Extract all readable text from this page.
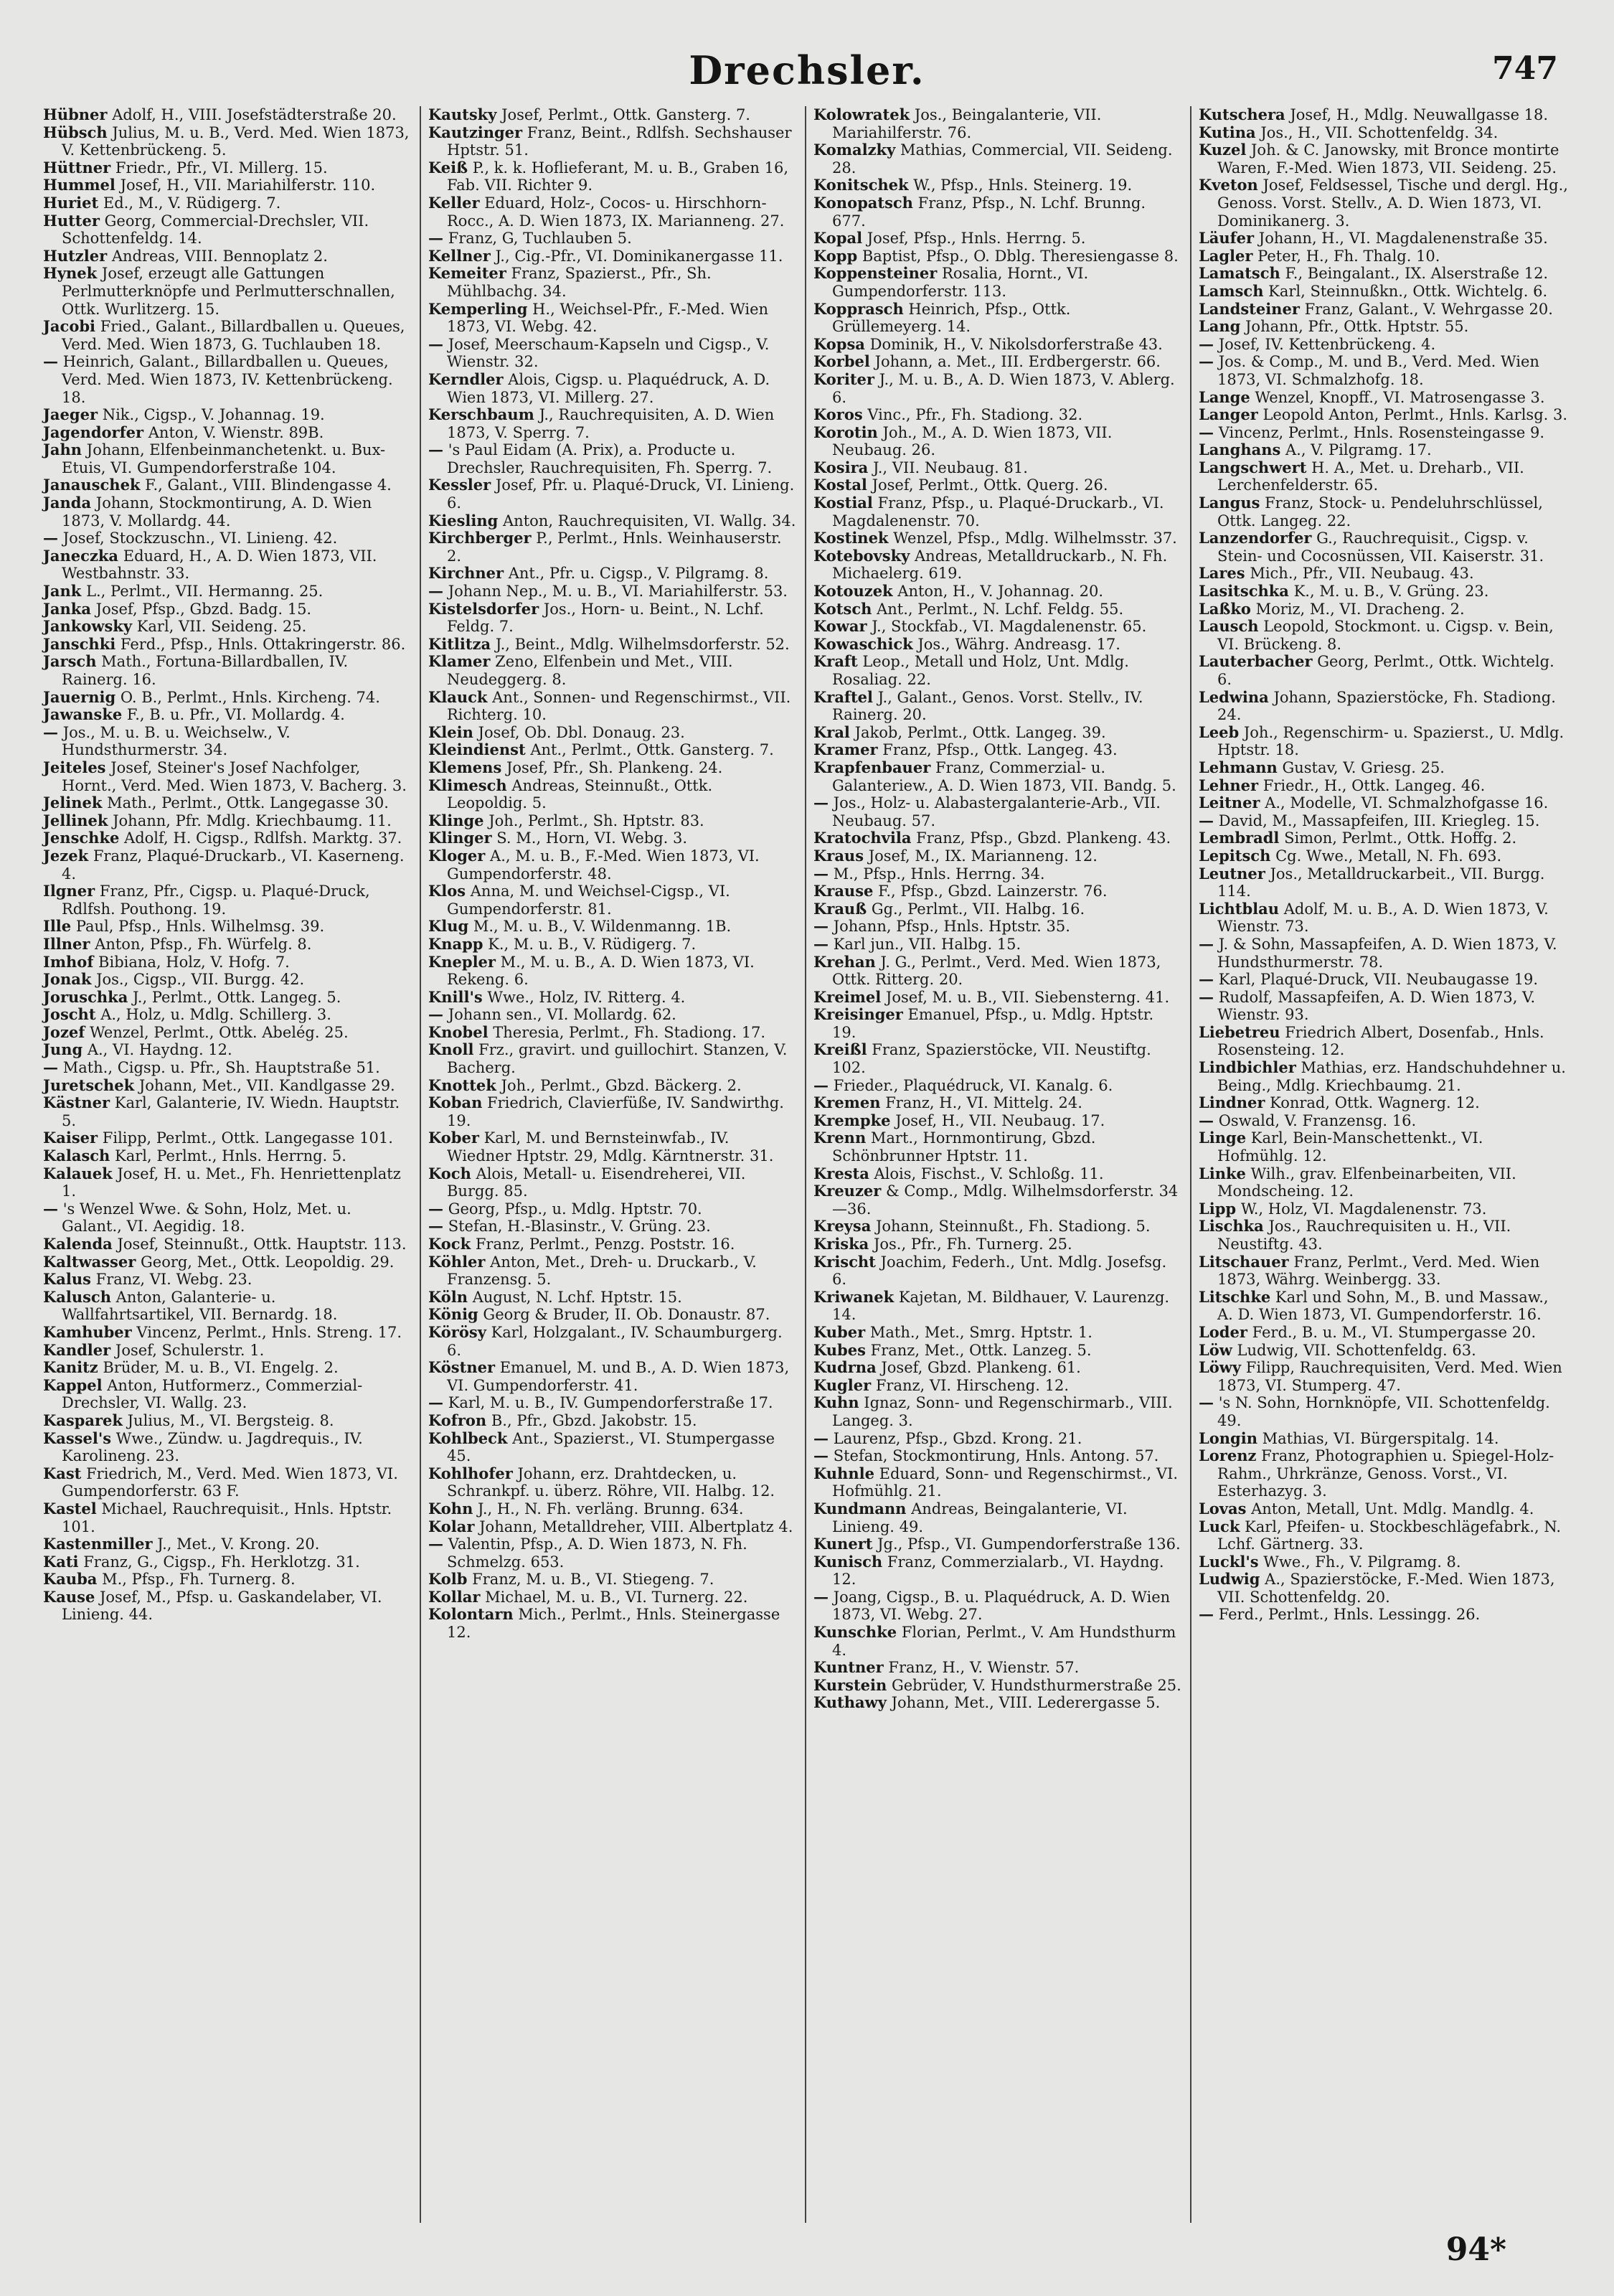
Drechsler.	747

Hübner Adolf, H., VIII. Josefstädterstraße 20.

Hübsch Julius, M. u. B., Verd. Med. Wien 1873, V. Kettenbrückeng. 5.

Hüttner Friedr., Pfr., VI. Millerg. 15.

Hummel Josef, H., VII. Mariahilferstr. 110.

Huriet Ed., M., V. Rüdigerg. 7.

Hutter Georg, Commercial-Drechsler, VII. Schottenfeldg. 14.

Hutzler Andreas, VIII. Bennoplatz 2.

Hynek Josef, erzeugt alle Gattungen Perlmutterknöpfe und Perlmutterschnallen, Ottk. Wurlitzerg. 15.

Jacobi Fried., Galant., Billardballen u. Queues, Verd. Med. Wien 1873, G. Tuchlauben 18.

— Heinrich, Galant., Billardballen u. Queues, Verd. Med. Wien 1873, IV. Kettenbrückeng. 18.

Jaeger Nik., Cigsp., V. Johannag. 19.

Jagendorfer Anton, V. Wienstr. 89B.

Jahn Johann, Elfenbeinmanchetenkt. u. Bux-Etuis, VI. Gumpendorferstraße 104.

Janauschek F., Galant., VIII. Blindengasse 4.

Janda Johann, Stockmontirung, A. D. Wien 1873, V. Mollardg. 44.

— Josef, Stockzuschn., VI. Linieng. 42.

Janeczka Eduard, H., A. D. Wien 1873, VII. Westbahnstr. 33.

Jank L., Perlmt., VII. Hermanng. 25.

Janka Josef, Pfsp., Gbzd. Badg. 15.

Jankowsky Karl, VII. Seideng. 25.

Janschki Ferd., Pfsp., Hnls. Ottakringerstr. 86.

Jarsch Math., Fortuna-Billardballen, IV. Rainerg. 16.

Jauernig O. B., Perlmt., Hnls. Kircheng. 74.

Jawanske F., B. u. Pfr., VI. Mollardg. 4.

— Jos., M. u. B. u. Weichselw., V. Hundsthurmerstr. 34.

Jeiteles Josef, Steiner's Josef Nachfolger, Hornt., Verd. Med. Wien 1873, V. Bacherg. 3.

Jelinek Math., Perlmt., Ottk. Langegasse 30.

Jellinek Johann, Pfr. Mdlg. Kriechbaumg. 11.

Jenschke Adolf, H. Cigsp., Rdlfsh. Marktg. 37.

Jezek Franz, Plaqué-Druckarb., VI. Kaserneng. 4.

Ilgner Franz, Pfr., Cigsp. u. Plaqué-Druck, Rdlfsh. Pouthong. 19.

Ille Paul, Pfsp., Hnls. Wilhelmsg. 39.

Illner Anton, Pfsp., Fh. Würfelg. 8.

Imhof Bibiana, Holz, V. Hofg. 7.

Jonak Jos., Cigsp., VII. Burgg. 42.

Joruschka J., Perlmt., Ottk. Langeg. 5.

Joscht A., Holz, u. Mdlg. Schillerg. 3.

Jozef Wenzel, Perlmt., Ottk. Abelég. 25.

Jung A., VI. Haydng. 12.

— Math., Cigsp. u. Pfr., Sh. Hauptstraße 51.

Juretschek Johann, Met., VII. Kandlgasse 29.

Kästner Karl, Galanterie, IV. Wiedn. Hauptstr. 5.

Kaiser Filipp, Perlmt., Ottk. Langegasse 101.

Kalasch Karl, Perlmt., Hnls. Herrng. 5.

Kalauek Josef, H. u. Met., Fh. Henriettenplatz 1.

— 's Wenzel Wwe. & Sohn, Holz, Met. u. Galant., VI. Aegidig. 18.

Kalenda Josef, Steinnußt., Ottk. Hauptstr. 113.

Kaltwasser Georg, Met., Ottk. Leopoldig. 29.

Kalus Franz, VI. Webg. 23.

Kalusch Anton, Galanterie- u. Wallfahrtsartikel, VII. Bernardg. 18.

Kamhuber Vincenz, Perlmt., Hnls. Streng. 17.

Kandler Josef, Schulerstr. 1.

Kanitz Brüder, M. u. B., VI. Engelg. 2.

Kappel Anton, Hutformerz., Commerzial-Drechsler, VI. Wallg. 23.

Kasparek Julius, M., VI. Bergsteig. 8.

Kassel's Wwe., Zündw. u. Jagdrequis., IV. Karolineng. 23.

Kast Friedrich, M., Verd. Med. Wien 1873, VI. Gumpendorferstr. 63 F.

Kastel Michael, Rauchrequisit., Hnls. Hptstr. 101.

Kastenmiller J., Met., V. Krong. 20.

Kati Franz, G., Cigsp., Fh. Herklotzg. 31.

Kauba M., Pfsp., Fh. Turnerg. 8.

Kause Josef, M., Pfsp. u. Gaskandelaber, VI. Linieng. 44.

Kautsky Josef, Perlmt., Ottk. Gansterg. 7.

Kautzinger Franz, Beint., Rdlfsh. Sechshauser Hptstr. 51.

Keiß P., k. k. Hoflieferant, M. u. B., Graben 16, Fab. VII. Richter 9.

Keller Eduard, Holz-, Cocos- u. Hirschhorn-Rocc., A. D. Wien 1873, IX. Marianneng. 27.

— Franz, G, Tuchlauben 5.

Kellner J., Cig.-Pfr., VI. Dominikanergasse 11.

Kemeiter Franz, Spazierst., Pfr., Sh. Mühlbachg. 34.

Kemperling H., Weichsel-Pfr., F.-Med. Wien 1873, VI. Webg. 42.

— Josef, Meerschaum-Kapseln und Cigsp., V. Wienstr. 32.

Kerndler Alois, Cigsp. u. Plaquédruck, A. D. Wien 1873, VI. Millerg. 27.

Kerschbaum J., Rauchrequisiten, A. D. Wien 1873, V. Sperrg. 7.

— 's Paul Eidam (A. Prix), a. Producte u. Drechsler, Rauchrequisiten, Fh. Sperrg. 7.

Kessler Josef, Pfr. u. Plaqué-Druck, VI. Linieng. 6.

Kiesling Anton, Rauchrequisiten, VI. Wallg. 34.

Kirchberger P., Perlmt., Hnls. Weinhauserstr. 2.

Kirchner Ant., Pfr. u. Cigsp., V. Pilgramg. 8.

— Johann Nep., M. u. B., VI. Mariahilferstr. 53.

Kistelsdorfer Jos., Horn- u. Beint., N. Lchf. Feldg. 7.

Kitlitza J., Beint., Mdlg. Wilhelmsdorferstr. 52.

Klamer Zeno, Elfenbein und Met., VIII. Neudeggerg. 8.

Klauck Ant., Sonnen- und Regenschirmst., VII. Richterg. 10.

Klein Josef, Ob. Dbl. Donaug. 23.

Kleindienst Ant., Perlmt., Ottk. Gansterg. 7.

Klemens Josef, Pfr., Sh. Plankeng. 24.

Klimesch Andreas, Steinnußt., Ottk. Leopoldig. 5.

Klinge Joh., Perlmt., Sh. Hptstr. 83.

Klinger S. M., Horn, VI. Webg. 3.

Kloger A., M. u. B., F.-Med. Wien 1873, VI. Gumpendorferstr. 48.

Klos Anna, M. und Weichsel-Cigsp., VI. Gumpendorferstr. 81.

Klug M., M. u. B., V. Wildenmanng. 1B.

Knapp K., M. u. B., V. Rüdigerg. 7.

Knepler M., M. u. B., A. D. Wien 1873, VI. Rekeng. 6.

Knill's Wwe., Holz, IV. Ritterg. 4.

— Johann sen., VI. Mollardg. 62.

Knobel Theresia, Perlmt., Fh. Stadiong. 17.

Knoll Frz., gravirt. und guillochirt. Stanzen, V. Bacherg.

Knottek Joh., Perlmt., Gbzd. Bäckerg. 2.

Koban Friedrich, Clavierfüße, IV. Sandwirthg. 19.

Kober Karl, M. und Bernsteinwfab., IV. Wiedner Hptstr. 29, Mdlg. Kärntnerstr. 31.

Koch Alois, Metall- u. Eisendreherei, VII. Burgg. 85.

— Georg, Pfsp., u. Mdlg. Hptstr. 70.

— Stefan, H.-Blasinstr., V. Grüng. 23.

Kock Franz, Perlmt., Penzg. Poststr. 16.

Köhler Anton, Met., Dreh- u. Druckarb., V. Franzensg. 5.

Köln August, N. Lchf. Hptstr. 15.

König Georg & Bruder, II. Ob. Donaustr. 87.

Körösy Karl, Holzgalant., IV. Schaumburgerg. 6.

Köstner Emanuel, M. und B., A. D. Wien 1873, VI. Gumpendorferstr. 41.

— Karl, M. u. B., IV. Gumpendorferstraße 17.

Kofron B., Pfr., Gbzd. Jakobstr. 15.

Kohlbeck Ant., Spazierst., VI. Stumpergasse 45.

Kohlhofer Johann, erz. Drahtdecken, u. Schrankpf. u. überz. Röhre, VII. Halbg. 12.

Kohn J., H., N. Fh. verläng. Brunng. 634.

Kolar Johann, Metalldreher, VIII. Albertplatz 4.

— Valentin, Pfsp., A. D. Wien 1873, N. Fh. Schmelzg. 653.

Kolb Franz, M. u. B., VI. Stiegeng. 7.

Kollar Michael, M. u. B., VI. Turnerg. 22.

Kolontarn Mich., Perlmt., Hnls. Steinergasse 12.

Kolowratek Jos., Beingalanterie, VII. Mariahilferstr. 76.

Komalzky Mathias, Commercial, VII. Seideng. 28.

Konitschek W., Pfsp., Hnls. Steinerg. 19.

Konopatsch Franz, Pfsp., N. Lchf. Brunng. 677.

Kopal Josef, Pfsp., Hnls. Herrng. 5.

Kopp Baptist, Pfsp., O. Dblg. Theresiengasse 8.

Koppensteiner Rosalia, Hornt., VI. Gumpendorferstr. 113.

Kopprasch Heinrich, Pfsp., Ottk. Grüllemeyerg. 14.

Kopsa Dominik, H., V. Nikolsdorferstraße 43.

Korbel Johann, a. Met., III. Erdbergerstr. 66.

Koriter J., M. u. B., A. D. Wien 1873, V. Ablerg. 6.

Koros Vinc., Pfr., Fh. Stadiong. 32.

Korotin Joh., M., A. D. Wien 1873, VII. Neubaug. 26.

Kosira J., VII. Neubaug. 81.

Kostal Josef, Perlmt., Ottk. Querg. 26.

Kostial Franz, Pfsp., u. Plaqué-Druckarb., VI. Magdalenenstr. 70.

Kostinek Wenzel, Pfsp., Mdlg. Wilhelmsstr. 37.

Kotebovsky Andreas, Metalldruckarb., N. Fh. Michaelerg. 619.

Kotouzek Anton, H., V. Johannag. 20.

Kotsch Ant., Perlmt., N. Lchf. Feldg. 55.

Kowar J., Stockfab., VI. Magdalenenstr. 65.

Kowaschick Jos., Währg. Andreasg. 17.

Kraft Leop., Metall und Holz, Unt. Mdlg. Rosaliag. 22.

Kraftel J., Galant., Genos. Vorst. Stellv., IV. Rainerg. 20.

Kral Jakob, Perlmt., Ottk. Langeg. 39.

Kramer Franz, Pfsp., Ottk. Langeg. 43.

Krapfenbauer Franz, Commerzial- u. Galanteriew., A. D. Wien 1873, VII. Bandg. 5.

— Jos., Holz- u. Alabastergalanterie-Arb., VII. Neubaug. 57.

Kratochvila Franz, Pfsp., Gbzd. Plankeng. 43.

Kraus Josef, M., IX. Marianneng. 12.

— M., Pfsp., Hnls. Herrng. 34.

Krause F., Pfsp., Gbzd. Lainzerstr. 76.

Krauß Gg., Perlmt., VII. Halbg. 16.

— Johann, Pfsp., Hnls. Hptstr. 35.

— Karl jun., VII. Halbg. 15.

Krehan J. G., Perlmt., Verd. Med. Wien 1873, Ottk. Ritterg. 20.

Kreimel Josef, M. u. B., VII. Siebensterng. 41.

Kreisinger Emanuel, Pfsp., u. Mdlg. Hptstr. 19.

Kreißl Franz, Spazierstöcke, VII. Neustiftg. 102.

— Frieder., Plaquédruck, VI. Kanalg. 6.

Kremen Franz, H., VI. Mittelg. 24.

Krempke Josef, H., VII. Neubaug. 17.

Krenn Mart., Hornmontirung, Gbzd. Schönbrunner Hptstr. 11.

Kresta Alois, Fischst., V. Schloßg. 11.

Kreuzer & Comp., Mdlg. Wilhelmsdorferstr. 34—36.

Kreysa Johann, Steinnußt., Fh. Stadiong. 5.

Kriska Jos., Pfr., Fh. Turnerg. 25.

Krischt Joachim, Federh., Unt. Mdlg. Josefsg. 6.

Kriwanek Kajetan, M. Bildhauer, V. Laurenzg. 14.

Kuber Math., Met., Smrg. Hptstr. 1.

Kubes Franz, Met., Ottk. Lanzeg. 5.

Kudrna Josef, Gbzd. Plankeng. 61.

Kugler Franz, VI. Hirscheng. 12.

Kuhn Ignaz, Sonn- und Regenschirmarb., VIII. Langeg. 3.

— Laurenz, Pfsp., Gbzd. Krong. 21.

— Stefan, Stockmontirung, Hnls. Antong. 57.

Kuhnle Eduard, Sonn- und Regenschirmst., VI. Hofmühlg. 21.

Kundmann Andreas, Beingalanterie, VI. Linieng. 49.

Kunert Jg., Pfsp., VI. Gumpendorferstraße 136.

Kunisch Franz, Commerzialarb., VI. Haydng. 12.

— Joang, Cigsp., B. u. Plaquédruck, A. D. Wien 1873, VI. Webg. 27.

Kunschke Florian, Perlmt., V. Am Hundsthurm 4.

Kuntner Franz, H., V. Wienstr. 57.

Kurstein Gebrüder, V. Hundsthurmerstraße 25.

Kuthawy Johann, Met., VIII. Lederergasse 5.

Kutschera Josef, H., Mdlg. Neuwallgasse 18.

Kutina Jos., H., VII. Schottenfeldg. 34.

Kuzel Joh. & C. Janowsky, mit Bronce montirte Waren, F.-Med. Wien 1873, VII. Seideng. 25.

Kveton Josef, Feldsessel, Tische und dergl. Hg., Genoss. Vorst. Stellv., A. D. Wien 1873, VI. Dominikanerg. 3.

Läufer Johann, H., VI. Magdalenenstraße 35.

Lagler Peter, H., Fh. Thalg. 10.

Lamatsch F., Beingalant., IX. Alserstraße 12.

Lamsch Karl, Steinnußkn., Ottk. Wichtelg. 6.

Landsteiner Franz, Galant., V. Wehrgasse 20.

Lang Johann, Pfr., Ottk. Hptstr. 55.

— Josef, IV. Kettenbrückeng. 4.

— Jos. & Comp., M. und B., Verd. Med. Wien 1873, VI. Schmalzhofg. 18.

Lange Wenzel, Knopff., VI. Matrosengasse 3.

Langer Leopold Anton, Perlmt., Hnls. Karlsg. 3.

— Vincenz, Perlmt., Hnls. Rosensteingasse 9.

Langhans A., V. Pilgramg. 17.

Langschwert H. A., Met. u. Dreharb., VII. Lerchenfelderstr. 65.

Langus Franz, Stock- u. Pendeluhrschlüssel, Ottk. Langeg. 22.

Lanzendorfer G., Rauchrequisit., Cigsp. v. Stein- und Cocosnüssen, VII. Kaiserstr. 31.

Lares Mich., Pfr., VII. Neubaug. 43.

Lasitschka K., M. u. B., V. Grüng. 23.

Laßko Moriz, M., VI. Dracheng. 2.

Lausch Leopold, Stockmont. u. Cigsp. v. Bein, VI. Brückeng. 8.

Lauterbacher Georg, Perlmt., Ottk. Wichtelg. 6.

Ledwina Johann, Spazierstöcke, Fh. Stadiong. 24.

Leeb Joh., Regenschirm- u. Spazierst., U. Mdlg. Hptstr. 18.

Lehmann Gustav, V. Griesg. 25.

Lehner Friedr., H., Ottk. Langeg. 46.

Leitner A., Modelle, VI. Schmalzhofgasse 16.

— David, M., Massapfeifen, III. Kriegleg. 15.

Lembradl Simon, Perlmt., Ottk. Hoffg. 2.

Lepitsch Cg. Wwe., Metall, N. Fh. 693.

Leutner Jos., Metalldruckarbeit., VII. Burgg. 114.

Lichtblau Adolf, M. u. B., A. D. Wien 1873, V. Wienstr. 73.

— J. & Sohn, Massapfeifen, A. D. Wien 1873, V. Hundsthurmerstr. 78.

— Karl, Plaqué-Druck, VII. Neubaugasse 19.

— Rudolf, Massapfeifen, A. D. Wien 1873, V. Wienstr. 93.

Liebetreu Friedrich Albert, Dosenfab., Hnls. Rosensteing. 12.

Lindbichler Mathias, erz. Handschuhdehner u. Being., Mdlg. Kriechbaumg. 21.

Lindner Konrad, Ottk. Wagnerg. 12.

— Oswald, V. Franzensg. 16.

Linge Karl, Bein-Manschettenkt., VI. Hofmühlg. 12.

Linke Wilh., grav. Elfenbeinarbeiten, VII. Mondscheing. 12.

Lipp W., Holz, VI. Magdalenenstr. 73.

Lischka Jos., Rauchrequisiten u. H., VII. Neustiftg. 43.

Litschauer Franz, Perlmt., Verd. Med. Wien 1873, Währg. Weinbergg. 33.

Litschke Karl und Sohn, M., B. und Massaw., A. D. Wien 1873, VI. Gumpendorferstr. 16.

Loder Ferd., B. u. M., VI. Stumpergasse 20.

Löw Ludwig, VII. Schottenfeldg. 63.

Löwy Filipp, Rauchrequisiten, Verd. Med. Wien 1873, VI. Stumperg. 47.

— 's N. Sohn, Hornknöpfe, VII. Schottenfeldg. 49.

Longin Mathias, VI. Bürgerspitalg. 14.

Lorenz Franz, Photographien u. Spiegel-Holz-Rahm., Uhrkränze, Genoss. Vorst., VI. Esterhazyg. 3.

Lovas Anton, Metall, Unt. Mdlg. Mandlg. 4.

Luck Karl, Pfeifen- u. Stockbeschlägefabrk., N. Lchf. Gärtnerg. 33.

Luckl's Wwe., Fh., V. Pilgramg. 8.

Ludwig A., Spazierstöcke, F.-Med. Wien 1873, VII. Schottenfeldg. 20.

— Ferd., Perlmt., Hnls. Lessingg. 26.

94*
